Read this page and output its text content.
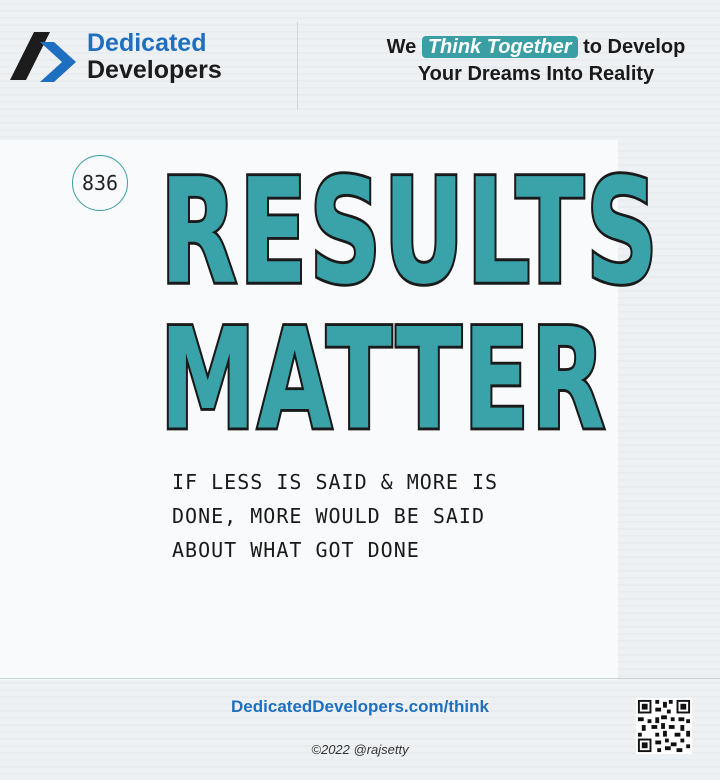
Dedicated
Developers
We Think Together to Develop
Your Dreams Into Reality
836 RESULTS
MATTER
IF LESS IS SAID & MORE IS
DONE, MORE WOULD BE SAID
ABOUT WHAT GOT DONE
DedicatedDevelopers.com/think
©2022 @rajsetty
